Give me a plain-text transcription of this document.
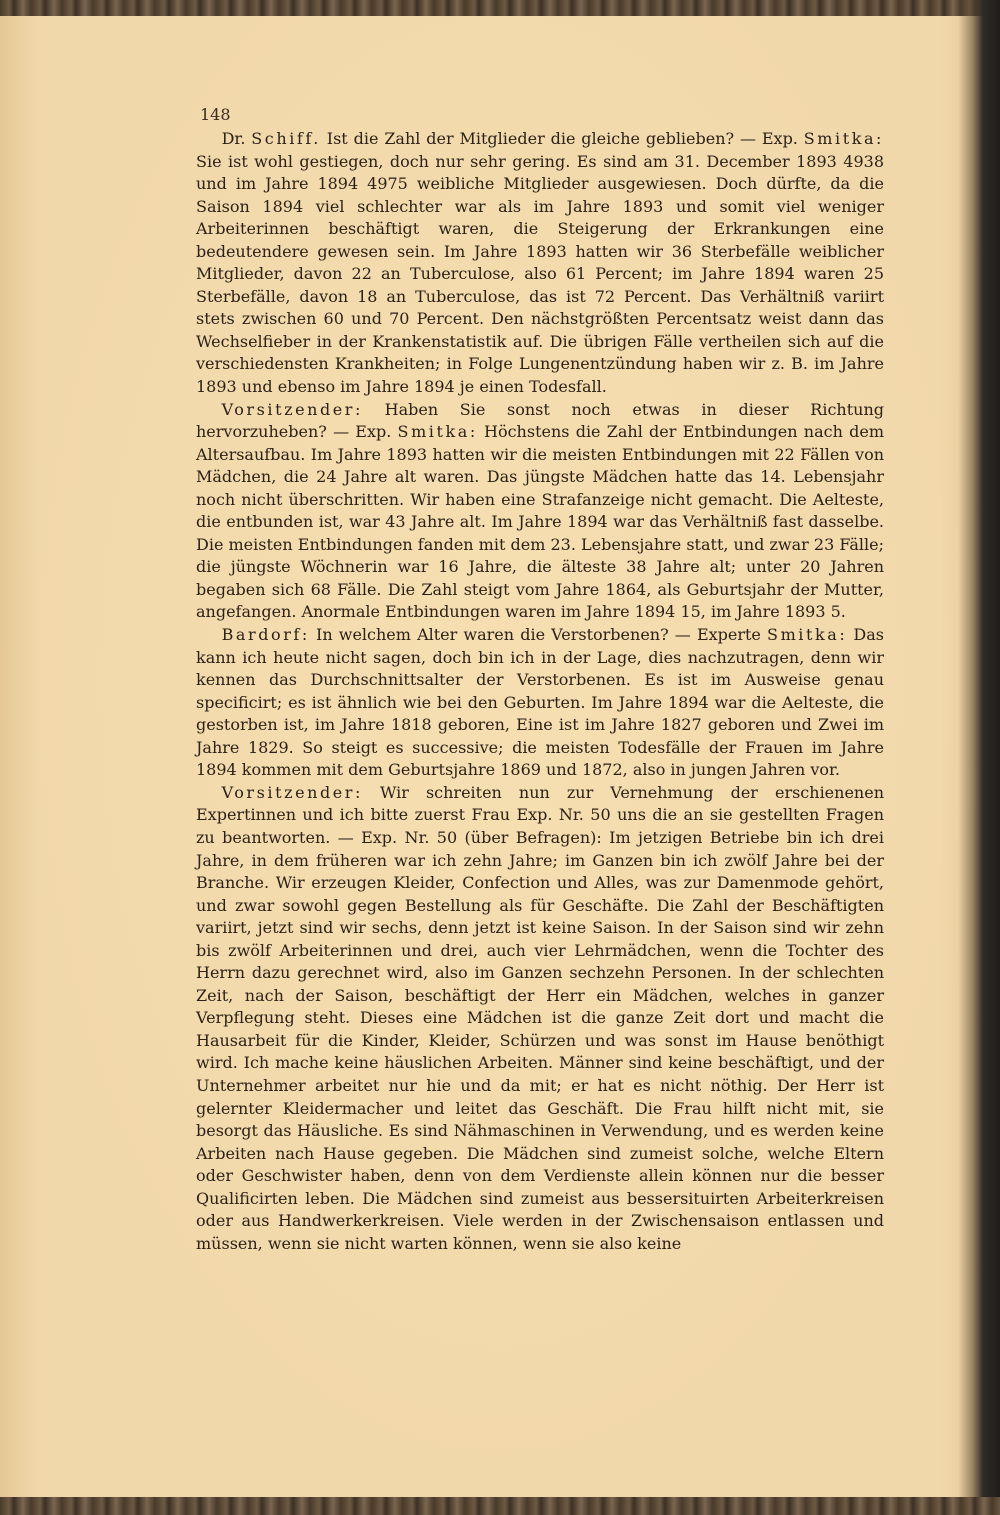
148

Dr. Schiff. Ist die Zahl der Mitglieder die gleiche geblieben? — Exp. Smitka: Sie ist wohl gestiegen, doch nur sehr gering. Es sind am 31. December 1893 4938 und im Jahre 1894 4975 weibliche Mitglieder ausgewiesen. Doch dürfte, da die Saison 1894 viel schlechter war als im Jahre 1893 und somit viel weniger Arbeiterinnen beschäftigt waren, die Steigerung der Erkrankungen eine bedeutendere gewesen sein. Im Jahre 1893 hatten wir 36 Sterbefälle weiblicher Mitglieder, davon 22 an Tuberculose, also 61 Percent; im Jahre 1894 waren 25 Sterbefälle, davon 18 an Tuberculose, das ist 72 Percent. Das Verhältniß variirt stets zwischen 60 und 70 Percent. Den nächstgrößten Percentsatz weist dann das Wechselfieber in der Krankenstatistik auf. Die übrigen Fälle vertheilen sich auf die verschiedensten Krankheiten; in Folge Lungenentzündung haben wir z. B. im Jahre 1893 und ebenso im Jahre 1894 je einen Todesfall.

Vorsitzender: Haben Sie sonst noch etwas in dieser Richtung hervorzuheben? — Exp. Smitka: Höchstens die Zahl der Entbindungen nach dem Altersaufbau. Im Jahre 1893 hatten wir die meisten Entbindungen mit 22 Fällen von Mädchen, die 24 Jahre alt waren. Das jüngste Mädchen hatte das 14. Lebensjahr noch nicht überschritten. Wir haben eine Strafanzeige nicht gemacht. Die Aelteste, die entbunden ist, war 43 Jahre alt. Im Jahre 1894 war das Verhältniß fast dasselbe. Die meisten Entbindungen fanden mit dem 23. Lebensjahre statt, und zwar 23 Fälle; die jüngste Wöchnerin war 16 Jahre, die älteste 38 Jahre alt; unter 20 Jahren begaben sich 68 Fälle. Die Zahl steigt vom Jahre 1864, als Geburtsjahr der Mutter, angefangen. Anormale Entbindungen waren im Jahre 1894 15, im Jahre 1893 5.

Bardorf: In welchem Alter waren die Verstorbenen? — Experte Smitka: Das kann ich heute nicht sagen, doch bin ich in der Lage, dies nachzutragen, denn wir kennen das Durchschnittsalter der Verstorbenen. Es ist im Ausweise genau specificirt; es ist ähnlich wie bei den Geburten. Im Jahre 1894 war die Aelteste, die gestorben ist, im Jahre 1818 geboren, Eine ist im Jahre 1827 geboren und Zwei im Jahre 1829. So steigt es successive; die meisten Todesfälle der Frauen im Jahre 1894 kommen mit dem Geburtsjahre 1869 und 1872, also in jungen Jahren vor.

Vorsitzender: Wir schreiten nun zur Vernehmung der erschienenen Expertinnen und ich bitte zuerst Frau Exp. Nr. 50 uns die an sie gestellten Fragen zu beantworten. — Exp. Nr. 50 (über Befragen): Im jetzigen Betriebe bin ich drei Jahre, in dem früheren war ich zehn Jahre; im Ganzen bin ich zwölf Jahre bei der Branche. Wir erzeugen Kleider, Confection und Alles, was zur Damenmode gehört, und zwar sowohl gegen Bestellung als für Geschäfte. Die Zahl der Beschäftigten variirt, jetzt sind wir sechs, denn jetzt ist keine Saison. In der Saison sind wir zehn bis zwölf Arbeiterinnen und drei, auch vier Lehrmädchen, wenn die Tochter des Herrn dazu gerechnet wird, also im Ganzen sechzehn Personen. In der schlechten Zeit, nach der Saison, beschäftigt der Herr ein Mädchen, welches in ganzer Verpflegung steht. Dieses eine Mädchen ist die ganze Zeit dort und macht die Hausarbeit für die Kinder, Kleider, Schürzen und was sonst im Hause benöthigt wird. Ich mache keine häuslichen Arbeiten. Männer sind keine beschäftigt, und der Unternehmer arbeitet nur hie und da mit; er hat es nicht nöthig. Der Herr ist gelernter Kleidermacher und leitet das Geschäft. Die Frau hilft nicht mit, sie besorgt das Häusliche. Es sind Nähmaschinen in Verwendung, und es werden keine Arbeiten nach Hause gegeben. Die Mädchen sind zumeist solche, welche Eltern oder Geschwister haben, denn von dem Verdienste allein können nur die besser Qualificirten leben. Die Mädchen sind zumeist aus bessersituirten Arbeiterkreisen oder aus Handwerkerkreisen. Viele werden in der Zwischensaison entlassen und müssen, wenn sie nicht warten können, wenn sie also keine
